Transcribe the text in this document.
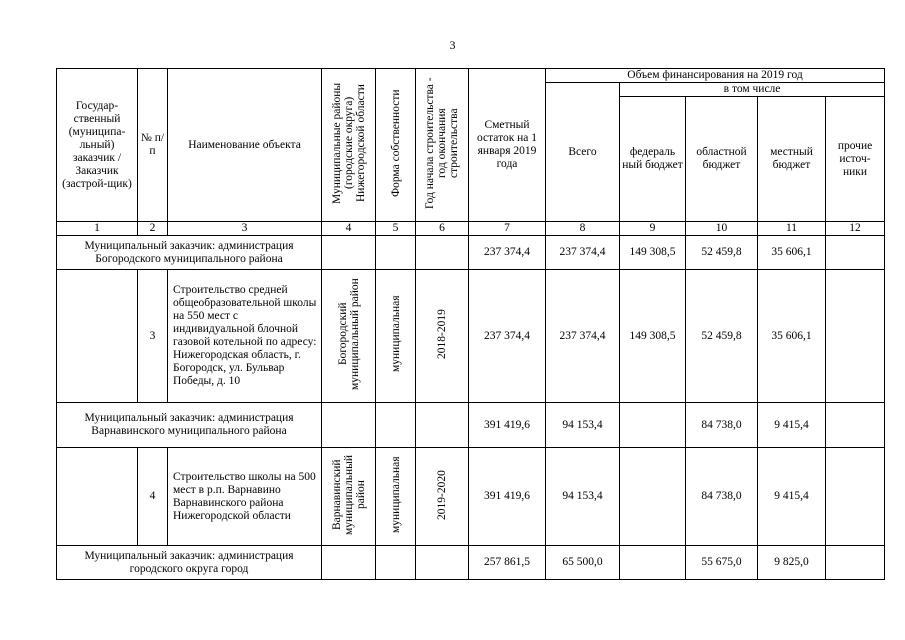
3
Государ-ственный (муниципа-льный) заказчик / Заказчик (застрой-щик)	№ п/п	Наименование объекта	Муниципальные районы (городские округа) Нижегородской области	Форма собственности	Год начала строительства - год окончания строительства	Сметный остаток на 1 января 2019 года	Объем финансирования на 2019 год				
							Всего	в том числе			
								федераль ный бюджет	областной бюджет	местный бюджет	прочие источ-ники
1	2	3	4	5	6	7	8	9	10	11	12
Муниципальный заказчик: администрация Богородского муниципального района						237 374,4	237 374,4	149 308,5	52 459,8	35 606,1	
	3	Строительство средней общеобразовательной школы на 550 мест с индивидуальной блочной газовой котельной по адресу: Нижегородская область, г. Богородск, ул. Бульвар Победы, д. 10	Богородский муниципальный район	муниципальная	2018-2019	237 374,4	237 374,4	149 308,5	52 459,8	35 606,1	
Муниципальный заказчик: администрация Варнавинского муниципального района						391 419,6	94 153,4		84 738,0	9 415,4	
	4	Строительство школы на 500 мест в р.п. Варнавино Варнавинского района Нижегородской области	Варнавинский муниципальный район	муниципальная	2019-2020	391 419,6	94 153,4		84 738,0	9 415,4	
Муниципальный заказчик: администрация городского округа город						257 861,5	65 500,0		55 675,0	9 825,0	
